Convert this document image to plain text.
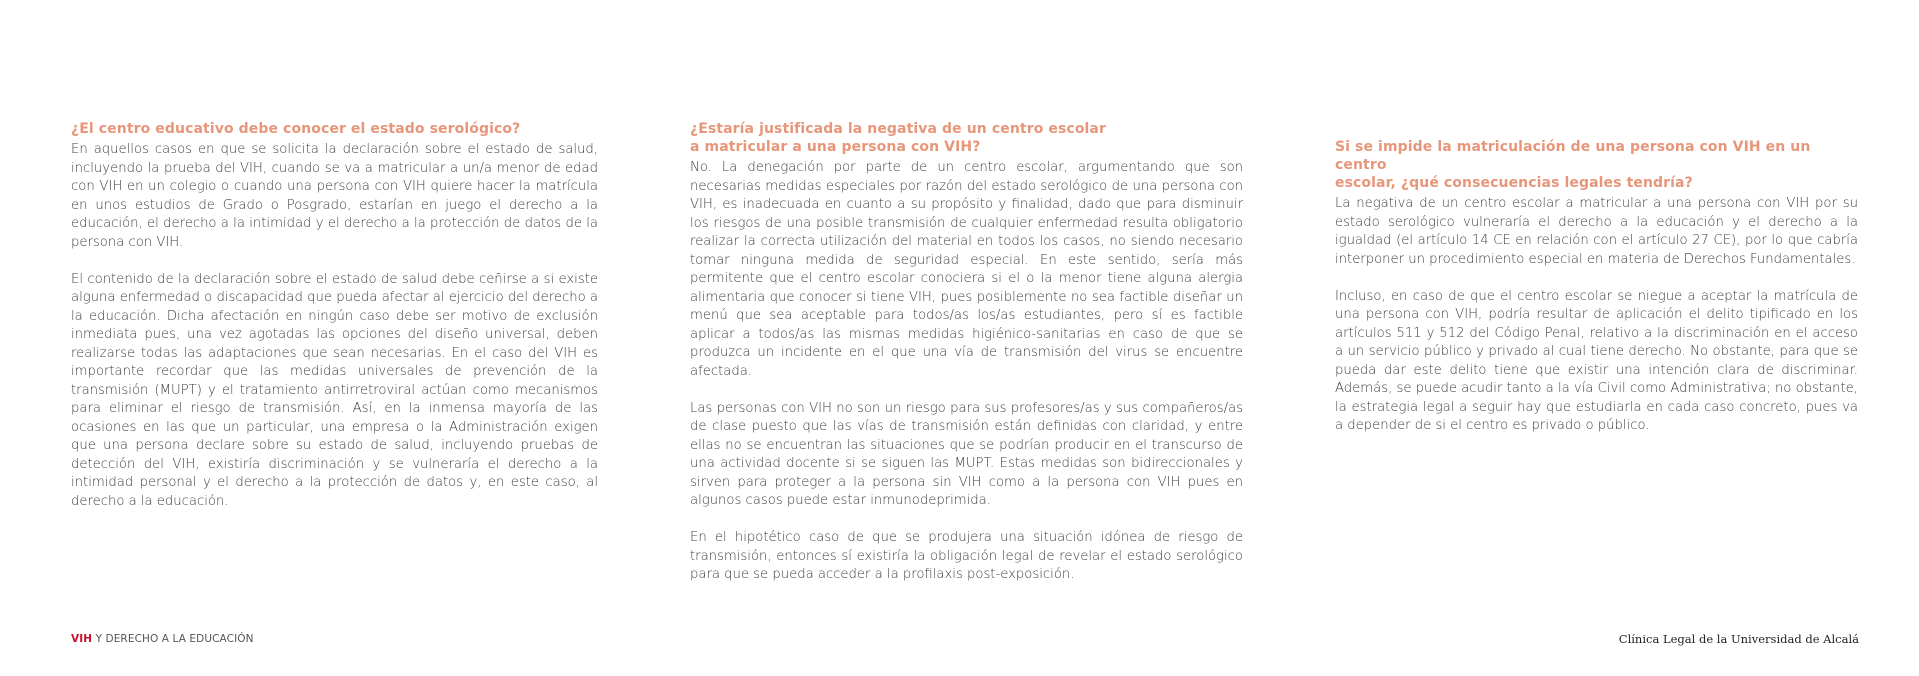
¿El centro educativo debe conocer el estado serológico?

En aquellos casos en que se solicita la declaración sobre el estado de salud, incluyendo la prueba del VIH, cuando se va a matricular a un/a menor de edad con VIH en un colegio o cuando una persona con VIH quiere hacer la matrícula en unos estudios de Grado o Posgrado, estarían en juego el derecho a la educación, el derecho a la intimidad y el derecho a la protección de datos de la persona con VIH.

El contenido de la declaración sobre el estado de salud debe ceñirse a si existe alguna enfermedad o discapacidad que pueda afectar al ejercicio del derecho a la educación. Dicha afectación en ningún caso debe ser motivo de exclusión inmediata pues, una vez agotadas las opciones del diseño universal, deben realizarse todas las adaptaciones que sean necesarias. En el caso del VIH es importante recordar que las medidas universales de prevención de la transmisión (MUPT) y el tratamiento antirretroviral actúan como mecanismos para eliminar el riesgo de transmisión. Así, en la inmensa mayoría de las ocasiones en las que un particular, una empresa o la Administración exigen que una persona declare sobre su estado de salud, incluyendo pruebas de detección del VIH, existiría discriminación y se vulneraría el derecho a la intimidad personal y el derecho a la protección de datos y, en este caso, al derecho a la educación.

¿Estaría justificada la negativa de un centro escolar
a matricular a una persona con VIH?

No. La denegación por parte de un centro escolar, argumentando que son necesarias medidas especiales por razón del estado serológico de una persona con VIH, es inadecuada en cuanto a su propósito y finalidad, dado que para disminuir los riesgos de una posible transmisión de cualquier enfermedad resulta obligatorio realizar la correcta utilización del material en todos los casos, no siendo necesario tomar ninguna medida de seguridad especial. En este sentido, sería más permitente que el centro escolar conociera si el o la menor tiene alguna alergia alimentaria que conocer si tiene VIH, pues posiblemente no sea factible diseñar un menú que sea aceptable para todos/as los/as estudiantes, pero sí es factible aplicar a todos/as las mismas medidas higiénico-sanitarias en caso de que se produzca un incidente en el que una vía de transmisión del virus se encuentre afectada.

Las personas con VIH no son un riesgo para sus profesores/as y sus compañeros/as de clase puesto que las vías de transmisión están definidas con claridad, y entre ellas no se encuentran las situaciones que se podrían producir en el transcurso de una actividad docente si se siguen las MUPT. Estas medidas son bidireccionales y sirven para proteger a la persona sin VIH como a la persona con VIH pues en algunos casos puede estar inmunodeprimida.

En el hipotético caso de que se produjera una situación idónea de riesgo de transmisión, entonces sí existiría la obligación legal de revelar el estado serológico para que se pueda acceder a la profilaxis post-exposición.

Si se impide la matriculación de una persona con VIH en un centro
escolar, ¿qué consecuencias legales tendría?

La negativa de un centro escolar a matricular a una persona con VIH por su estado serológico vulneraría el derecho a la educación y el derecho a la igualdad (el artículo 14 CE en relación con el artículo 27 CE), por lo que cabría interponer un procedimiento especial en materia de Derechos Fundamentales.

Incluso, en caso de que el centro escolar se niegue a aceptar la matrícula de una persona con VIH, podría resultar de aplicación el delito tipificado en los artículos 511 y 512 del Código Penal, relativo a la discriminación en el acceso a un servicio público y privado al cual tiene derecho. No obstante, para que se pueda dar este delito tiene que existir una intención clara de discriminar. Además, se puede acudir tanto a la vía Civil como Administrativa; no obstante, la estrategia legal a seguir hay que estudiarla en cada caso concreto, pues va a depender de si el centro es privado o público.

VIH Y DERECHO A LA EDUCACIÓN	Clínica Legal de la Universidad de Alcalá
